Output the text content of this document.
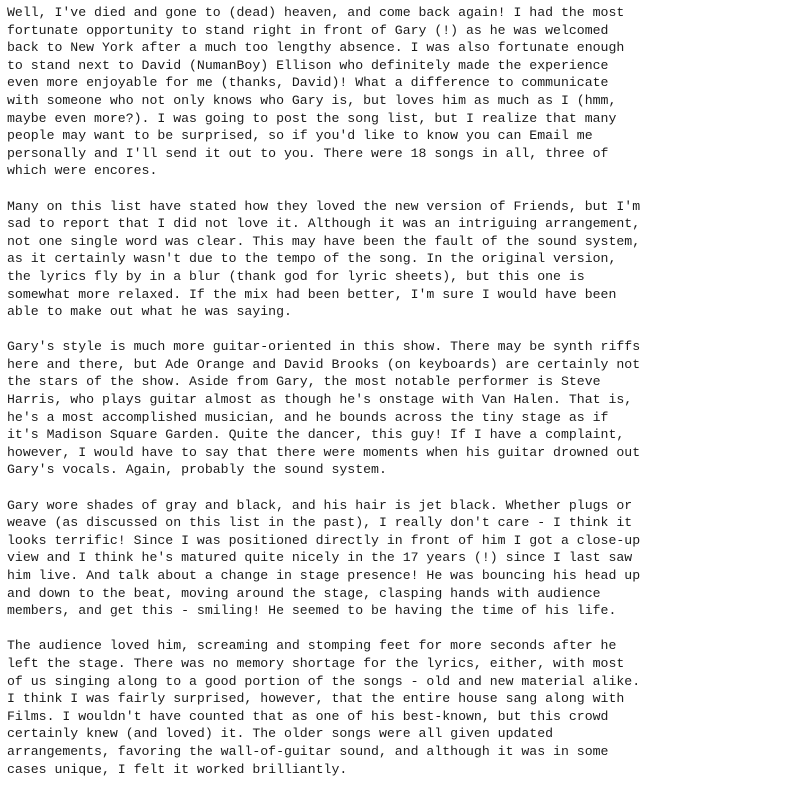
Well, I've died and gone to (dead) heaven, and come back again! I had the most
fortunate opportunity to stand right in front of Gary (!) as he was welcomed
back to New York after a much too lengthy absence. I was also fortunate enough
to stand next to David (NumanBoy) Ellison who definitely made the experience
even more enjoyable for me (thanks, David)! What a difference to communicate
with someone who not only knows who Gary is, but loves him as much as I (hmm,
maybe even more?). I was going to post the song list, but I realize that many
people may want to be surprised, so if you'd like to know you can Email me
personally and I'll send it out to you. There were 18 songs in all, three of
which were encores.

Many on this list have stated how they loved the new version of Friends, but I'm
sad to report that I did not love it. Although it was an intriguing arrangement,
not one single word was clear. This may have been the fault of the sound system,
as it certainly wasn't due to the tempo of the song. In the original version,
the lyrics fly by in a blur (thank god for lyric sheets), but this one is
somewhat more relaxed. If the mix had been better, I'm sure I would have been
able to make out what he was saying.

Gary's style is much more guitar-oriented in this show. There may be synth riffs
here and there, but Ade Orange and David Brooks (on keyboards) are certainly not
the stars of the show. Aside from Gary, the most notable performer is Steve
Harris, who plays guitar almost as though he's onstage with Van Halen. That is,
he's a most accomplished musician, and he bounds across the tiny stage as if
it's Madison Square Garden. Quite the dancer, this guy! If I have a complaint,
however, I would have to say that there were moments when his guitar drowned out
Gary's vocals. Again, probably the sound system.

Gary wore shades of gray and black, and his hair is jet black. Whether plugs or
weave (as discussed on this list in the past), I really don't care - I think it
looks terrific! Since I was positioned directly in front of him I got a close-up
view and I think he's matured quite nicely in the 17 years (!) since I last saw
him live. And talk about a change in stage presence! He was bouncing his head up
and down to the beat, moving around the stage, clasping hands with audience
members, and get this - smiling! He seemed to be having the time of his life.

The audience loved him, screaming and stomping feet for more seconds after he
left the stage. There was no memory shortage for the lyrics, either, with most
of us singing along to a good portion of the songs - old and new material alike.
I think I was fairly surprised, however, that the entire house sang along with
Films. I wouldn't have counted that as one of his best-known, but this crowd
certainly knew (and loved) it. The older songs were all given updated
arrangements, favoring the wall-of-guitar sound, and although it was in some
cases unique, I felt it worked brilliantly.
